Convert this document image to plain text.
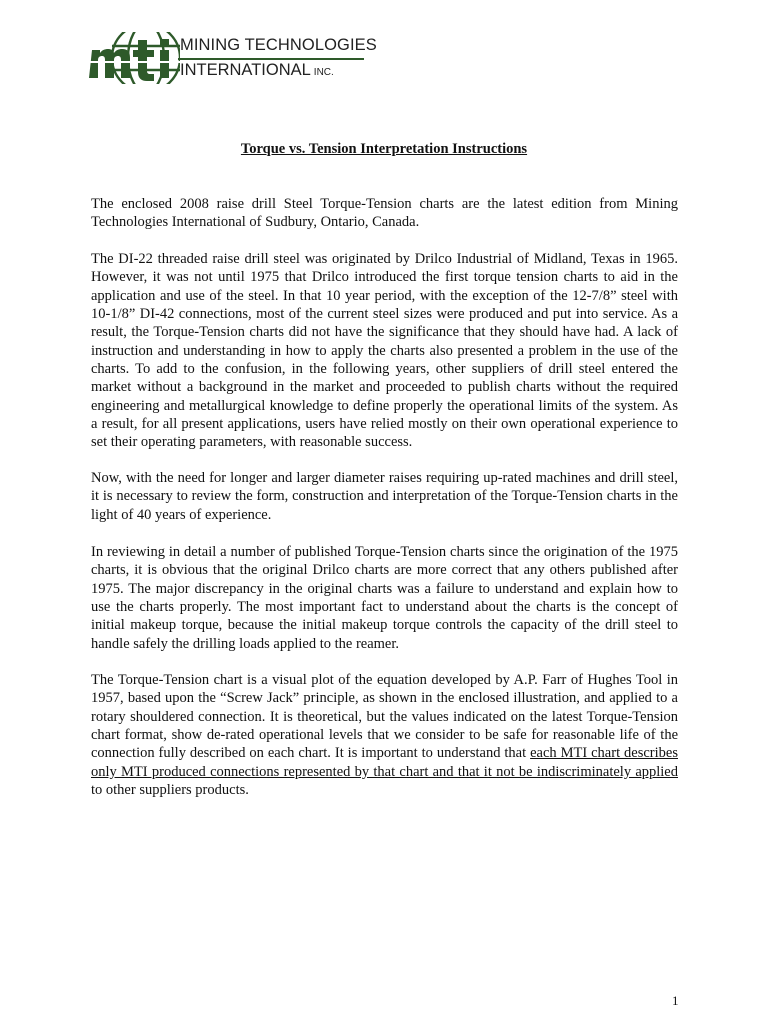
MINING TECHNOLOGIES
INTERNATIONAL INC.
Torque vs. Tension Interpretation Instructions

The enclosed 2008 raise drill Steel Torque-Tension charts are the latest edition from Mining Technologies International of Sudbury, Ontario, Canada.

The DI-22 threaded raise drill steel was originated by Drilco Industrial of Midland, Texas in 1965. However, it was not until 1975 that Drilco introduced the first torque tension charts to aid in the application and use of the steel. In that 10 year period, with the exception of the 12-7/8” steel with 10-1/8” DI-42 connections, most of the current steel sizes were produced and put into service. As a result, the Torque-Tension charts did not have the significance that they should have had. A lack of instruction and understanding in how to apply the charts also presented a problem in the use of the charts. To add to the confusion, in the following years, other suppliers of drill steel entered the market without a background in the market and proceeded to publish charts without the required engineering and metallurgical knowledge to define properly the operational limits of the system. As a result, for all present applications, users have relied mostly on their own operational experience to set their operating parameters, with reasonable success.

Now, with the need for longer and larger diameter raises requiring up-rated machines and drill steel, it is necessary to review the form, construction and interpretation of the Torque-Tension charts in the light of 40 years of experience.

In reviewing in detail a number of published Torque-Tension charts since the origination of the 1975 charts, it is obvious that the original Drilco charts are more correct that any others published after 1975. The major discrepancy in the original charts was a failure to understand and explain how to use the charts properly. The most important fact to understand about the charts is the concept of initial makeup torque, because the initial makeup torque controls the capacity of the drill steel to handle safely the drilling loads applied to the reamer.

The Torque-Tension chart is a visual plot of the equation developed by A.P. Farr of Hughes Tool in 1957, based upon the “Screw Jack” principle, as shown in the enclosed illustration, and applied to a rotary shouldered connection. It is theoretical, but the values indicated on the latest Torque-Tension chart format, show de-rated operational levels that we consider to be safe for reasonable life of the connection fully described on each chart. It is important to understand that each MTI chart describes only MTI produced connections represented by that chart and that it not be indiscriminately applied to other suppliers products.

1
